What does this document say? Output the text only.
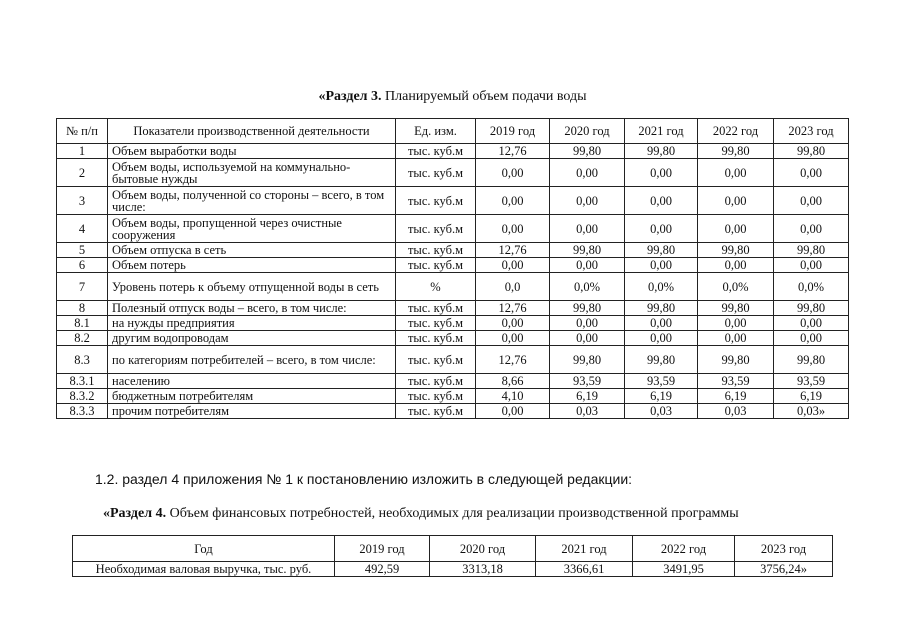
«Раздел 3. Планируемый объем подачи воды
№ п/п	Показатели производственной деятельности	Ед. изм.	2019 год	2020 год	2021 год	2022 год	2023 год
1	Объем выработки воды	тыс. куб.м	12,76	99,80	99,80	99,80	99,80
2	Объем воды, используемой на коммунально-бытовые нужды	тыс. куб.м	0,00	0,00	0,00	0,00	0,00
3	Объем воды, полученной со стороны – всего, в том числе:	тыс. куб.м	0,00	0,00	0,00	0,00	0,00
4	Объем воды, пропущенной через очистные сооружения	тыс. куб.м	0,00	0,00	0,00	0,00	0,00
5	Объем отпуска в сеть	тыс. куб.м	12,76	99,80	99,80	99,80	99,80
6	Объем потерь	тыс. куб.м	0,00	0,00	0,00	0,00	0,00
7	Уровень потерь к объему отпущенной воды в сеть	%	0,0	0,0%	0,0%	0,0%	0,0%
8	Полезный отпуск воды – всего, в том числе:	тыс. куб.м	12,76	99,80	99,80	99,80	99,80
8.1	на нужды предприятия	тыс. куб.м	0,00	0,00	0,00	0,00	0,00
8.2	другим водопроводам	тыс. куб.м	0,00	0,00	0,00	0,00	0,00
8.3	по категориям потребителей – всего, в том числе:	тыс. куб.м	12,76	99,80	99,80	99,80	99,80
8.3.1	населению	тыс. куб.м	8,66	93,59	93,59	93,59	93,59
8.3.2	бюджетным потребителям	тыс. куб.м	4,10	6,19	6,19	6,19	6,19
8.3.3	прочим потребителям	тыс. куб.м	0,00	0,03	0,03	0,03	0,03»
1.2. раздел 4 приложения № 1 к постановлению изложить в следующей редакции:
«Раздел 4. Объем финансовых потребностей, необходимых для реализации производственной программы
Год	2019 год	2020 год	2021 год	2022 год	2023 год
Необходимая валовая выручка, тыс. руб.	492,59	3313,18	3366,61	3491,95	3756,24»
